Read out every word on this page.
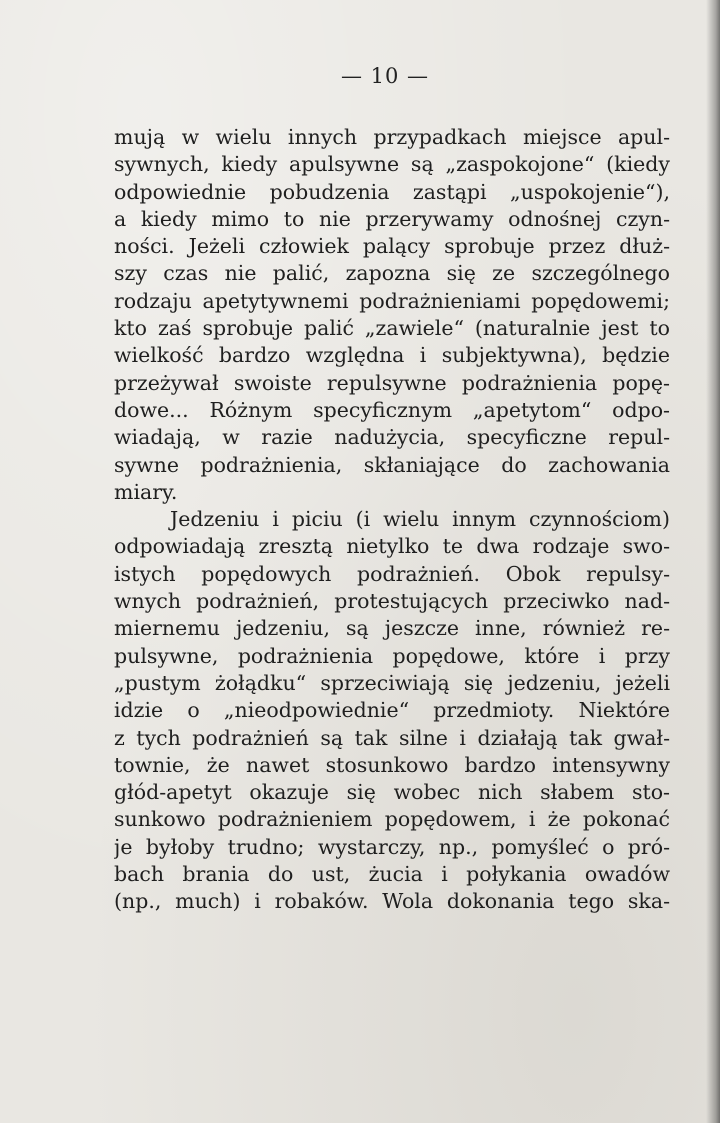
— 10 —
mują w wielu innych przypadkach miejsce apul-
sywnych, kiedy apulsywne są „zaspokojone“ (kiedy
odpowiednie pobudzenia zastąpi „uspokojenie“),
a kiedy mimo to nie przerywamy odnośnej czyn-
ności. Jeżeli człowiek palący sprobuje przez dłuż-
szy czas nie palić, zapozna się ze szczególnego
rodzaju apetytywnemi podrażnieniami popędowemi;
kto zaś sprobuje palić „zawiele“ (naturalnie jest to
wielkość bardzo względna i subjektywna), będzie
przeżywał swoiste repulsywne podrażnienia popę-
dowe... Różnym specyficznym „apetytom“ odpo-
wiadają, w razie nadużycia, specyficzne repul-
sywne podrażnienia, skłaniające do zachowania
miary.
Jedzeniu i piciu (i wielu innym czynnościom)
odpowiadają zresztą nietylko te dwa rodzaje swo-
istych popędowych podrażnień. Obok repulsy-
wnych podrażnień, protestujących przeciwko nad-
miernemu jedzeniu, są jeszcze inne, również re-
pulsywne, podrażnienia popędowe, które i przy
„pustym żołądku“ sprzeciwiają się jedzeniu, jeżeli
idzie o „nieodpowiednie“ przedmioty. Niektóre
z tych podrażnień są tak silne i działają tak gwał-
townie, że nawet stosunkowo bardzo intensywny
głód-apetyt okazuje się wobec nich słabem sto-
sunkowo podrażnieniem popędowem, i że pokonać
je byłoby trudno; wystarczy, np., pomyśleć o pró-
bach brania do ust, żucia i połykania owadów
(np., much) i robaków. Wola dokonania tego ska-
